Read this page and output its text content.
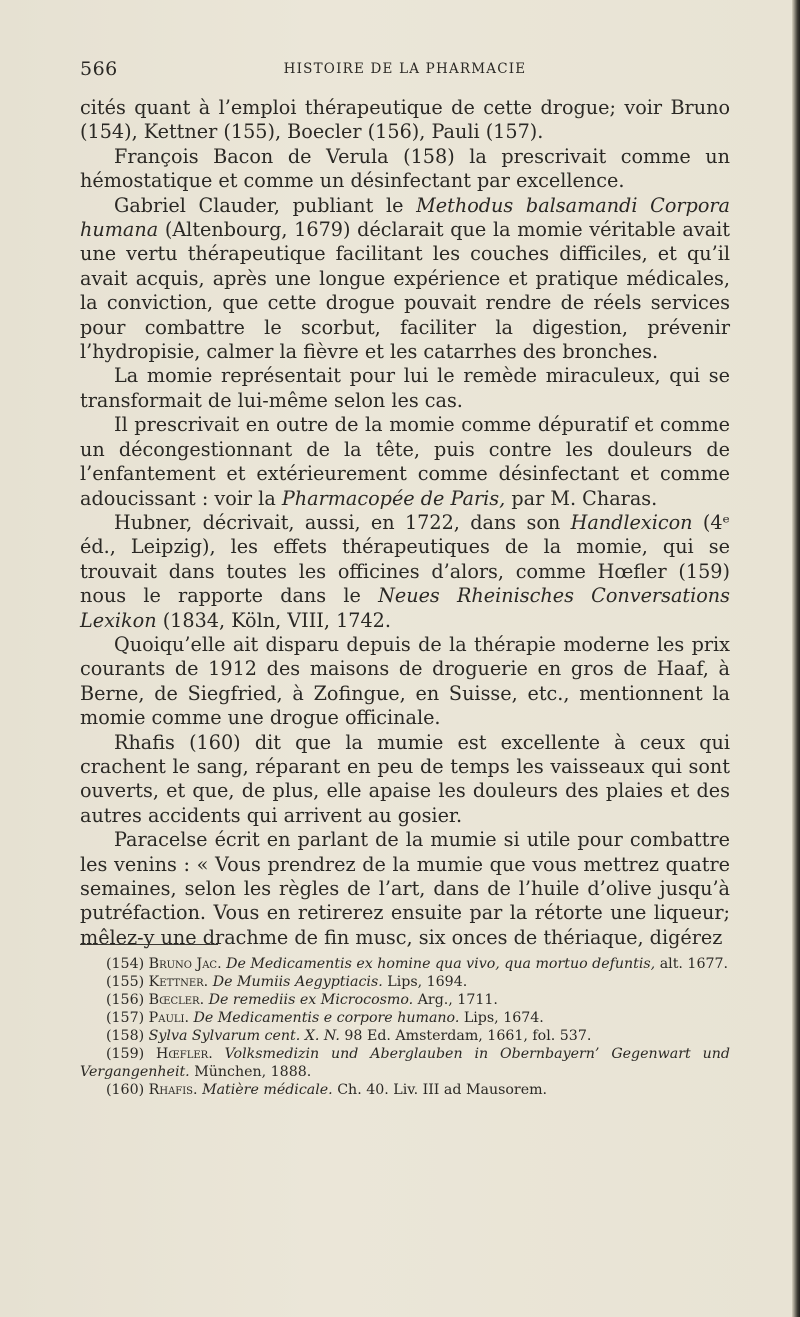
566	HISTOIRE DE LA PHARMACIE

cités quant à l’emploi thérapeutique de cette drogue; voir Bruno (154), Kettner (155), Boecler (156), Pauli (157).

François Bacon de Verula (158) la prescrivait comme un hémostatique et comme un désinfectant par excellence.

Gabriel Clauder, publiant le Methodus balsamandi Corpora humana (Altenbourg, 1679) déclarait que la momie véritable avait une vertu thérapeutique facilitant les couches difficiles, et qu’il avait acquis, après une longue expérience et pratique médicales, la conviction, que cette drogue pouvait rendre de réels services pour combattre le scorbut, faciliter la digestion, prévenir l’hydropisie, calmer la fièvre et les catarrhes des bronches.

La momie représentait pour lui le remède miraculeux, qui se transformait de lui-même selon les cas.

Il prescrivait en outre de la momie comme dépuratif et comme un décongestionnant de la tête, puis contre les douleurs de l’enfantement et extérieurement comme désinfectant et comme adoucissant : voir la Pharmacopée de Paris, par M. Charas.

Hubner, décrivait, aussi, en 1722, dans son Handlexicon (4ᵉ éd., Leipzig), les effets thérapeutiques de la momie, qui se trouvait dans toutes les officines d’alors, comme Hœfler (159) nous le rapporte dans le Neues Rheinisches Conversations Lexikon (1834, Köln, VIII, 1742.

Quoiqu’elle ait disparu depuis de la thérapie moderne les prix courants de 1912 des maisons de droguerie en gros de Haaf, à Berne, de Siegfried, à Zofingue, en Suisse, etc., mentionnent la momie comme une drogue officinale.

Rhafis (160) dit que la mumie est excellente à ceux qui crachent le sang, réparant en peu de temps les vaisseaux qui sont ouverts, et que, de plus, elle apaise les douleurs des plaies et des autres accidents qui arrivent au gosier.

Paracelse écrit en parlant de la mumie si utile pour combattre les venins : « Vous prendrez de la mumie que vous mettrez quatre semaines, selon les règles de l’art, dans de l’huile d’olive jusqu’à putréfaction. Vous en retirerez ensuite par la rétorte une liqueur; mêlez-y une drachme de fin musc, six onces de thériaque, digérez

(154) Bruno Jac. De Medicamentis ex homine qua vivo, qua mortuo defuntis, alt. 1677.

(155) Kettner. De Mumiis Aegyptiacis. Lips, 1694.

(156) Bœcler. De remediis ex Microcosmo. Arg., 1711.

(157) Pauli. De Medicamentis e corpore humano. Lips, 1674.

(158) Sylva Sylvarum cent. X. N. 98 Ed. Amsterdam, 1661, fol. 537.

(159) Hœfler. Volksmedizin und Aberglauben in Obernbayern’ Gegenwart und Vergangenheit. München, 1888.

(160) Rhafis. Matière médicale. Ch. 40. Liv. III ad Mausorem.
